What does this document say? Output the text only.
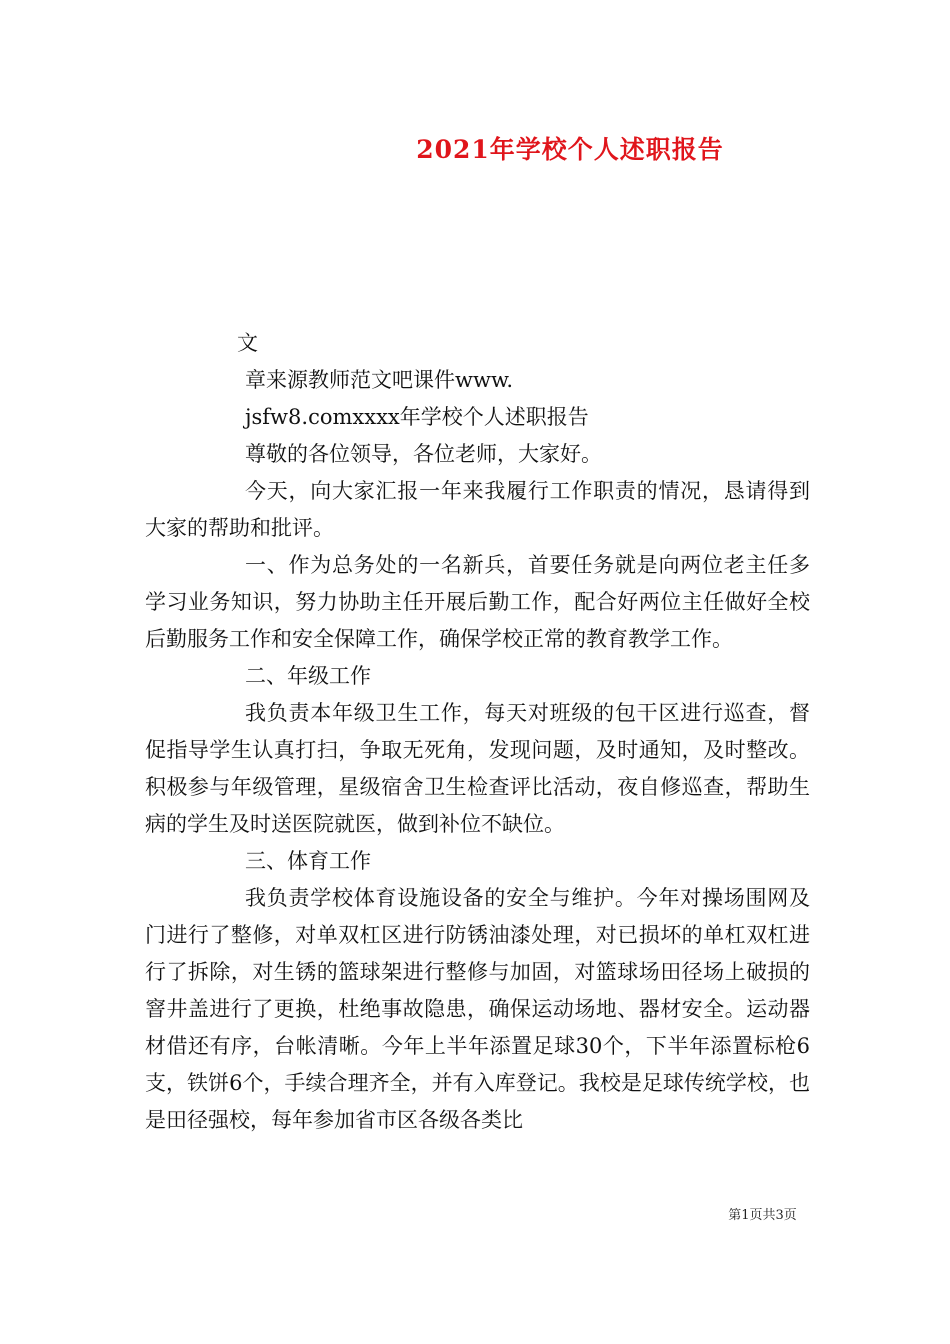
2021年学校个人述职报告

文

章来源教师范文吧课件www.

jsfw8.comxxxx年学校个人述职报告

尊敬的各位领导，各位老师，大家好。

今天，向大家汇报一年来我履行工作职责的情况，恳请得到大家的帮助和批评。

一、作为总务处的一名新兵，首要任务就是向两位老主任多学习业务知识，努力协助主任开展后勤工作，配合好两位主任做好全校后勤服务工作和安全保障工作，确保学校正常的教育教学工作。

二、年级工作

我负责本年级卫生工作，每天对班级的包干区进行巡查，督促指导学生认真打扫，争取无死角，发现问题，及时通知，及时整改。积极参与年级管理，星级宿舍卫生检查评比活动，夜自修巡查，帮助生病的学生及时送医院就医，做到补位不缺位。

三、体育工作

我负责学校体育设施设备的安全与维护。今年对操场围网及门进行了整修，对单双杠区进行防锈油漆处理，对已损坏的单杠双杠进行了拆除，对生锈的篮球架进行整修与加固，对篮球场田径场上破损的窨井盖进行了更换，杜绝事故隐患，确保运动场地、器材安全。运动器材借还有序，台帐清晰。今年上半年添置足球30个，下半年添置标枪6支，铁饼6个，手续合理齐全，并有入库登记。我校是足球传统学校，也是田径强校，每年参加省市区各级各类比

第1页共3页
